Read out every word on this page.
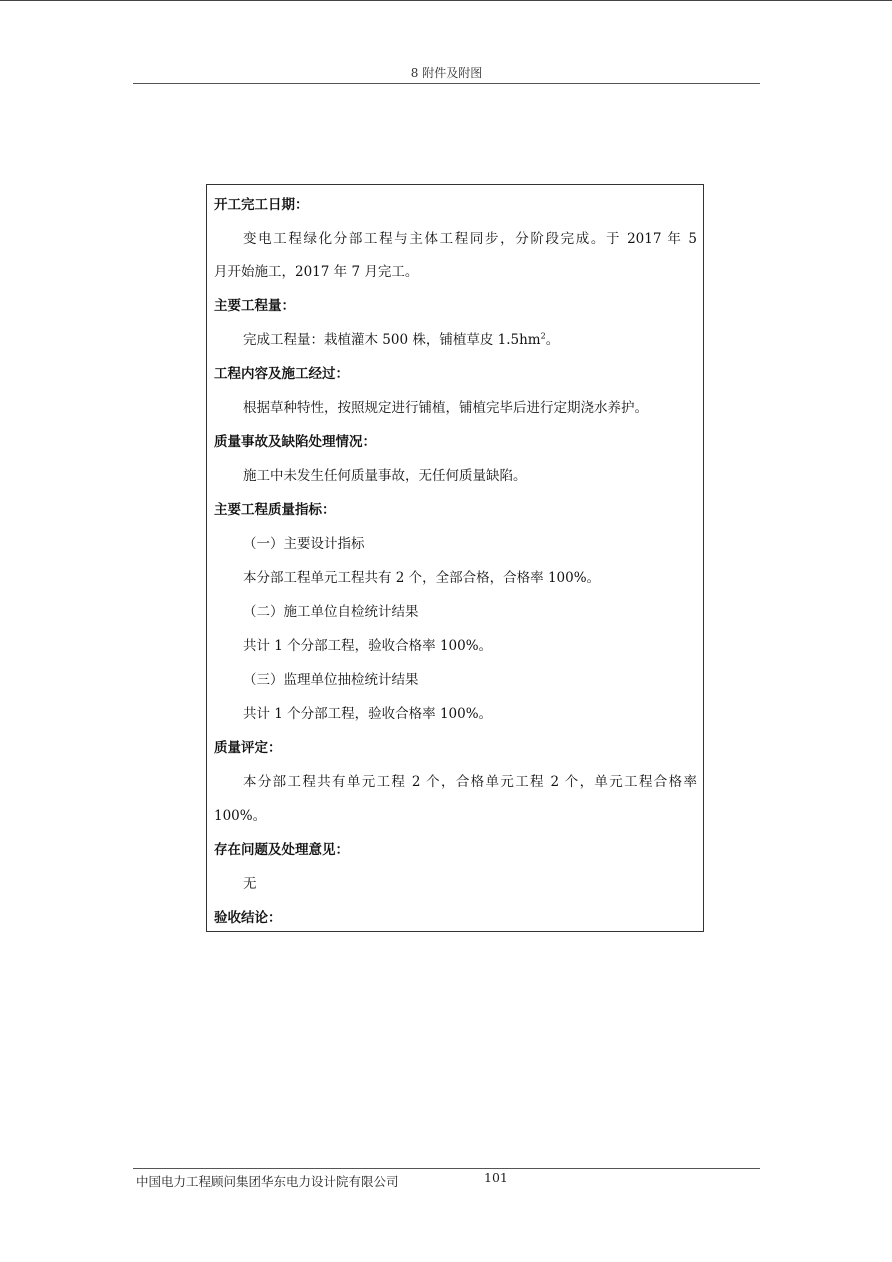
8 附件及附图
开工完工日期：
变电工程绿化分部工程与主体工程同步，分阶段完成。于 2017 年 5
月开始施工，2017 年 7 月完工。
主要工程量：
完成工程量：栽植灌木 500 株，铺植草皮 $1.5hm^2$。
工程内容及施工经过：
根据草种特性，按照规定进行铺植，铺植完毕后进行定期浇水养护。
质量事故及缺陷处理情况：
施工中未发生任何质量事故，无任何质量缺陷。
主要工程质量指标：
（一）主要设计指标
本分部工程单元工程共有 2 个，全部合格，合格率 100%。
（二）施工单位自检统计结果
共计 1 个分部工程，验收合格率 100%。
（三）监理单位抽检统计结果
共计 1 个分部工程，验收合格率 100%。
质量评定：
本分部工程共有单元工程 2 个，合格单元工程 2 个，单元工程合格率
100%。
存在问题及处理意见：
无
验收结论：
中国电力工程顾问集团华东电力设计院有限公司	101
